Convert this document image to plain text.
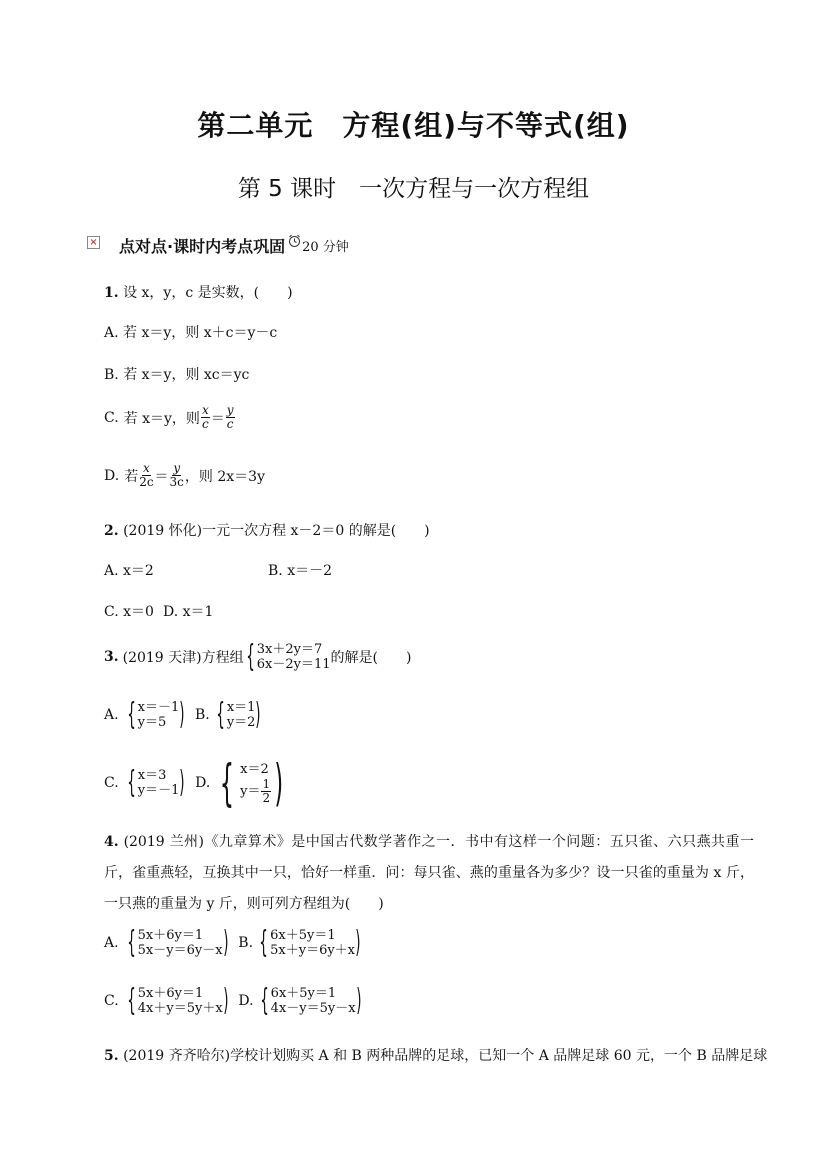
第二单元　方程(组)与不等式(组)
第 5 课时　一次方程与一次方程组
× 点对点·课时内考点巩固 20 分钟
1. 设 x，y，c 是实数，(　　)
A. 若 x＝y，则 x＋c＝y－c
B. 若 x＝y，则 xc＝yc
C. 若 x＝y，则 $\frac{x}{c} = \frac{y}{c}$
D. 若 $\frac{x}{2c} = \frac{y}{3c}$ ，则 2x＝3y
2. (2019 怀化)一元一次方程 x－2＝0 的解是(　　)
A. x＝2	B. x＝－2
C. x＝0 D. x＝1
3. (2019 天津)方程组 { 3x＋2y＝7
6x－2y＝11 的解是(　　)
A. { x＝－1
y＝5 ) B. { x＝1
y＝2 )
C. { x＝3
y＝－1 ) D. { x＝2
$y= \frac{1}{2}$ )
4. (2019 兰州)《九章算术》是中国古代数学著作之一．书中有这样一个问题：五只雀、六只燕共重一斤，雀重燕轻，互换其中一只，恰好一样重．问：每只雀、燕的重量各为多少？设一只雀的重量为 x 斤，一只燕的重量为 y 斤，则可列方程组为(　　)
A. { 5x＋6y＝1
5x－y＝6y－x ) B. { 6x＋5y＝1
5x＋y＝6y＋x )
C. { 5x＋6y＝1
4x＋y＝5y＋x ) D. { 6x＋5y＝1
4x－y＝5y－x )
5. (2019 齐齐哈尔)学校计划购买 A 和 B 两种品牌的足球，已知一个 A 品牌足球 60 元，一个 B 品牌足球
